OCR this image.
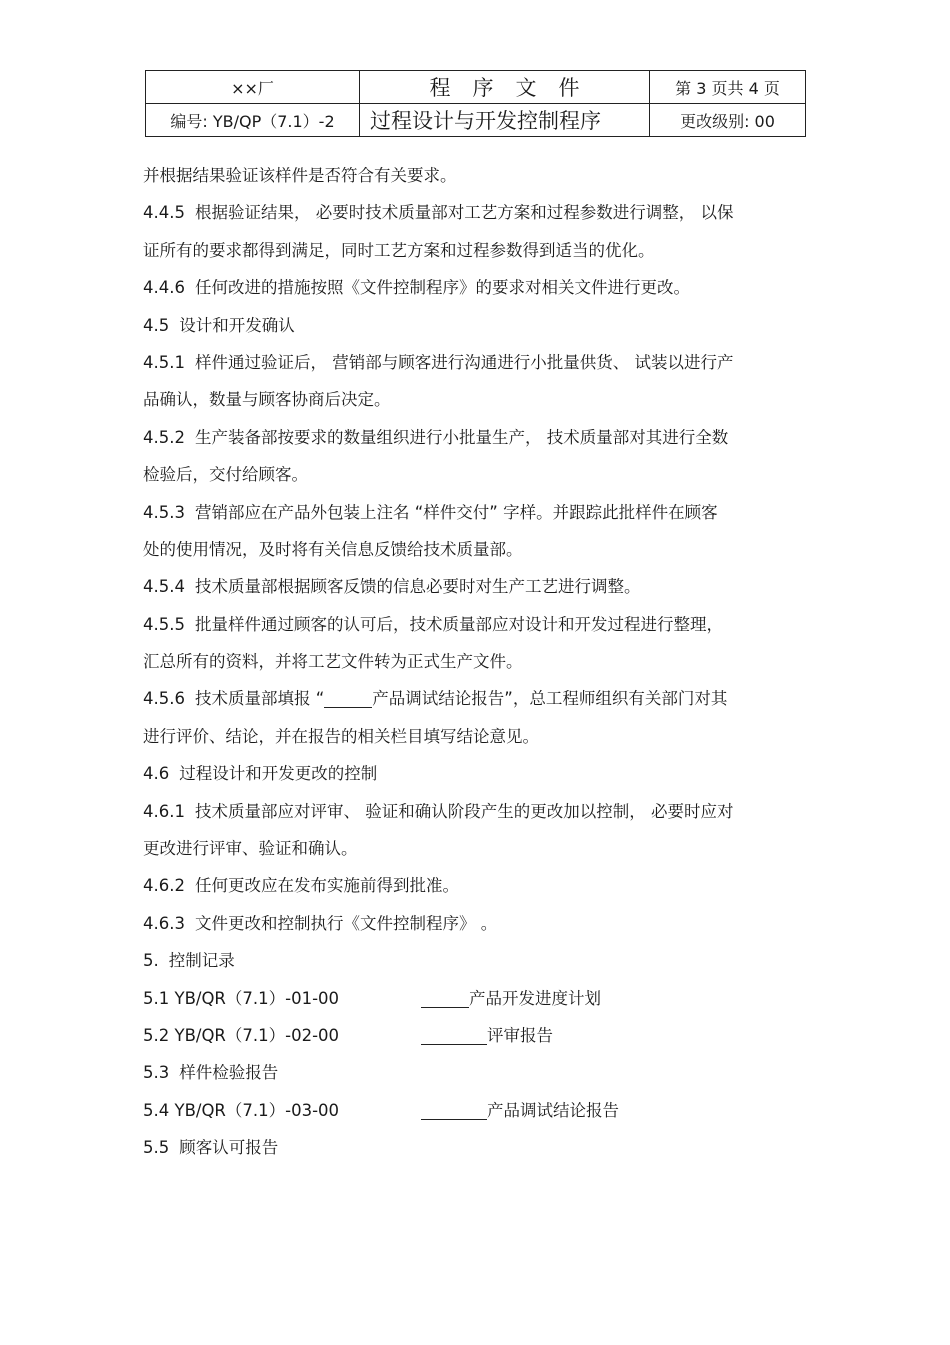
××厂	程序文件	第 3 页共 4 页
编号: YB/QP（7.1）-2	过程设计与开发控制程序	更改级别: 00
并根据结果验证该样件是否符合有关要求。
4.4.5 根据验证结果， 必要时技术质量部对工艺方案和过程参数进行调整， 以保
证所有的要求都得到满足，同时工艺方案和过程参数得到适当的优化。
4.4.6 任何改进的措施按照《文件控制程序》的要求对相关文件进行更改。
4.5 设计和开发确认
4.5.1 样件通过验证后， 营销部与顾客进行沟通进行小批量供货、 试装以进行产
品确认，数量与顾客协商后决定。
4.5.2 生产装备部按要求的数量组织进行小批量生产， 技术质量部对其进行全数
检验后，交付给顾客。
4.5.3 营销部应在产品外包装上注名 “样件交付” 字样。并跟踪此批样件在顾客
处的使用情况，及时将有关信息反馈给技术质量部。
4.5.4 技术质量部根据顾客反馈的信息必要时对生产工艺进行调整。
4.5.5 批量样件通过顾客的认可后，技术质量部应对设计和开发过程进行整理，
汇总所有的资料，并将工艺文件转为正式生产文件。
4.5.6 技术质量部填报 “	产品调试结论报告”，总工程师组织有关部门对其
进行评价、结论，并在报告的相关栏目填写结论意见。
4.6 过程设计和开发更改的控制
4.6.1 技术质量部应对评审、 验证和确认阶段产生的更改加以控制， 必要时应对
更改进行评审、验证和确认。
4.6.2 任何更改应在发布实施前得到批准。
4.6.3 文件更改和控制执行《文件控制程序》 。
5. 控制记录
5.1 YB/QR（7.1）-01-00	产品开发进度计划
5.2 YB/QR（7.1）-02-00	评审报告
5.3 样件检验报告
5.4 YB/QR（7.1）-03-00	产品调试结论报告
5.5 顾客认可报告
